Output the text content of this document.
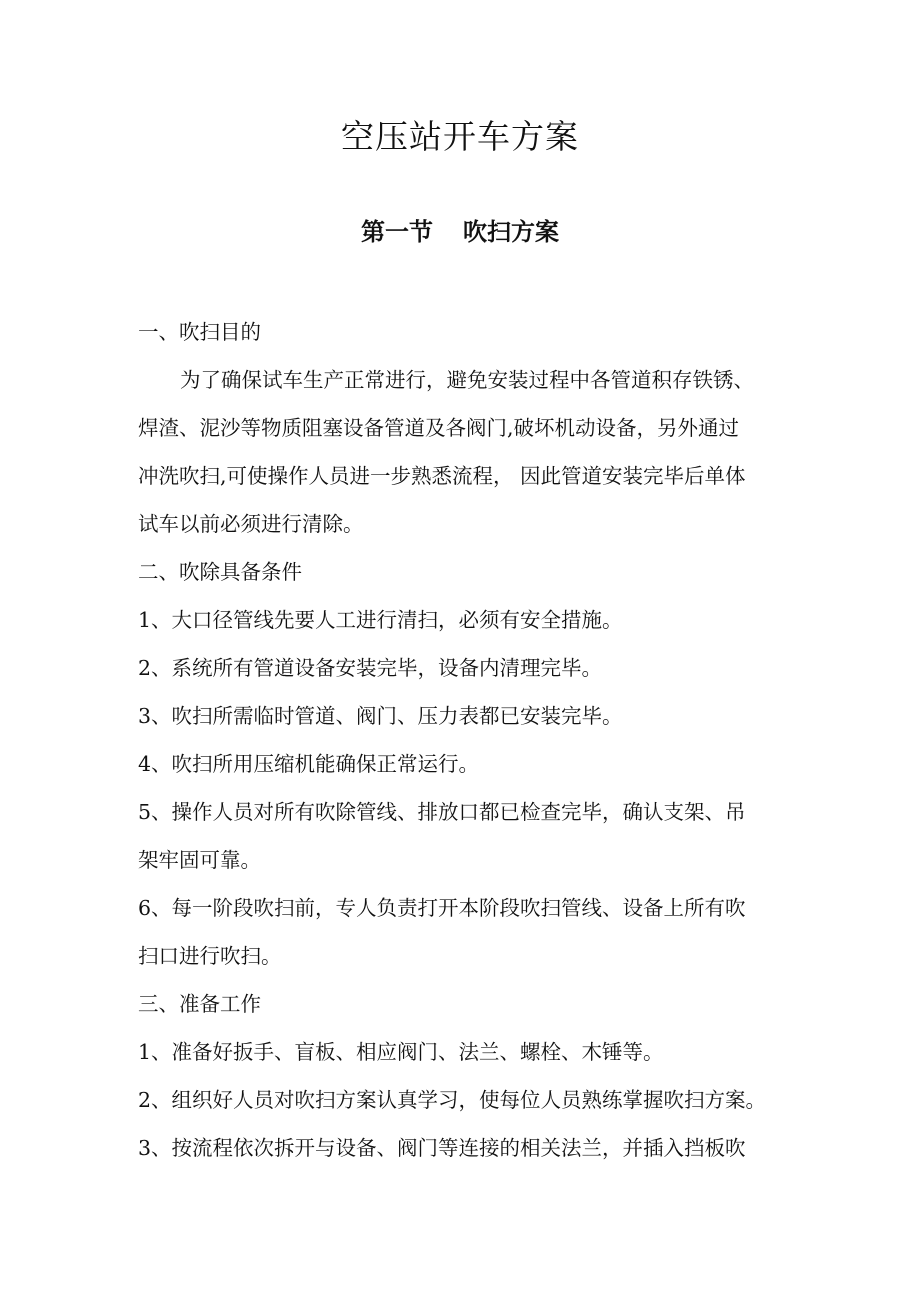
空压站开车方案
第一节 吹扫方案
一、吹扫目的
为了确保试车生产正常进行，避免安装过程中各管道积存铁锈、
焊渣、泥沙等物质阻塞设备管道及各阀门,破坏机动设备，另外通过
冲洗吹扫,可使操作人员进一步熟悉流程， 因此管道安装完毕后单体
试车以前必须进行清除。
二、吹除具备条件
1、大口径管线先要人工进行清扫，必须有安全措施。
2、系统所有管道设备安装完毕，设备内清理完毕。
3、吹扫所需临时管道、阀门、压力表都已安装完毕。
4、吹扫所用压缩机能确保正常运行。
5、操作人员对所有吹除管线、排放口都已检查完毕，确认支架、吊
架牢固可靠。
6、每一阶段吹扫前，专人负责打开本阶段吹扫管线、设备上所有吹
扫口进行吹扫。
三、准备工作
1、准备好扳手、盲板、相应阀门、法兰、螺栓、木锤等。
2、组织好人员对吹扫方案认真学习，使每位人员熟练掌握吹扫方案。
3、按流程依次拆开与设备、阀门等连接的相关法兰，并插入挡板吹
